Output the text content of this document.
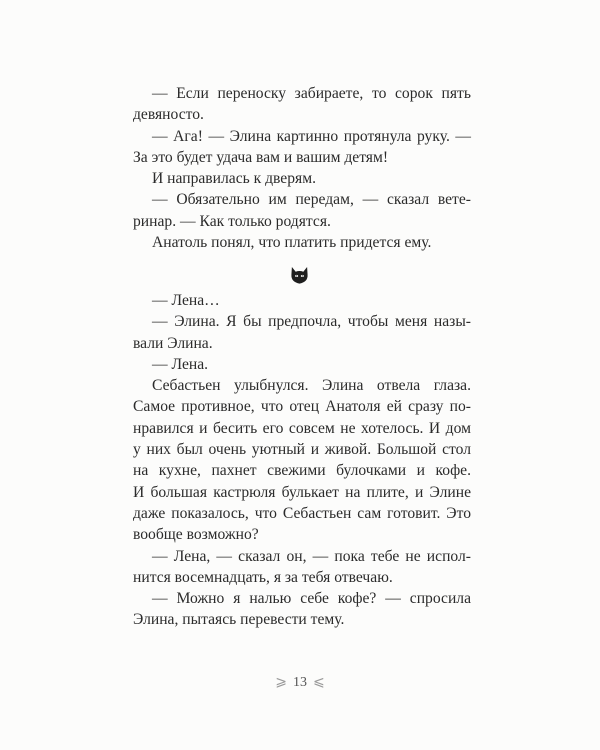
— Если переноску забираете, то сорок пять
девяносто.
— Ага! — Элина картинно протянула руку. —
За это будет удача вам и вашим детям!
И направилась к дверям.
— Обязательно им передам, — сказал вете-
ринар. — Как только родятся.
Анатоль понял, что платить придется ему.
— Лена…
— Элина. Я бы предпочла, чтобы меня назы-
вали Элина.
— Лена.
Себастьен улыбнулся. Элина отвела глаза.
Самое противное, что отец Анатоля ей сразу по-
нравился и бесить его совсем не хотелось. И дом
у них был очень уютный и живой. Большой стол
на кухне, пахнет свежими булочками и кофе.
И большая кастрюля булькает на плите, и Элине
даже показалось, что Себастьен сам готовит. Это
вообще возможно?
— Лена, — сказал он, — пока тебе не испол-
нится восемнадцать, я за тебя отвечаю.
— Можно я налью себе кофе? — спросила
Элина, пытаясь перевести тему.
⩾ 13 ⩽
